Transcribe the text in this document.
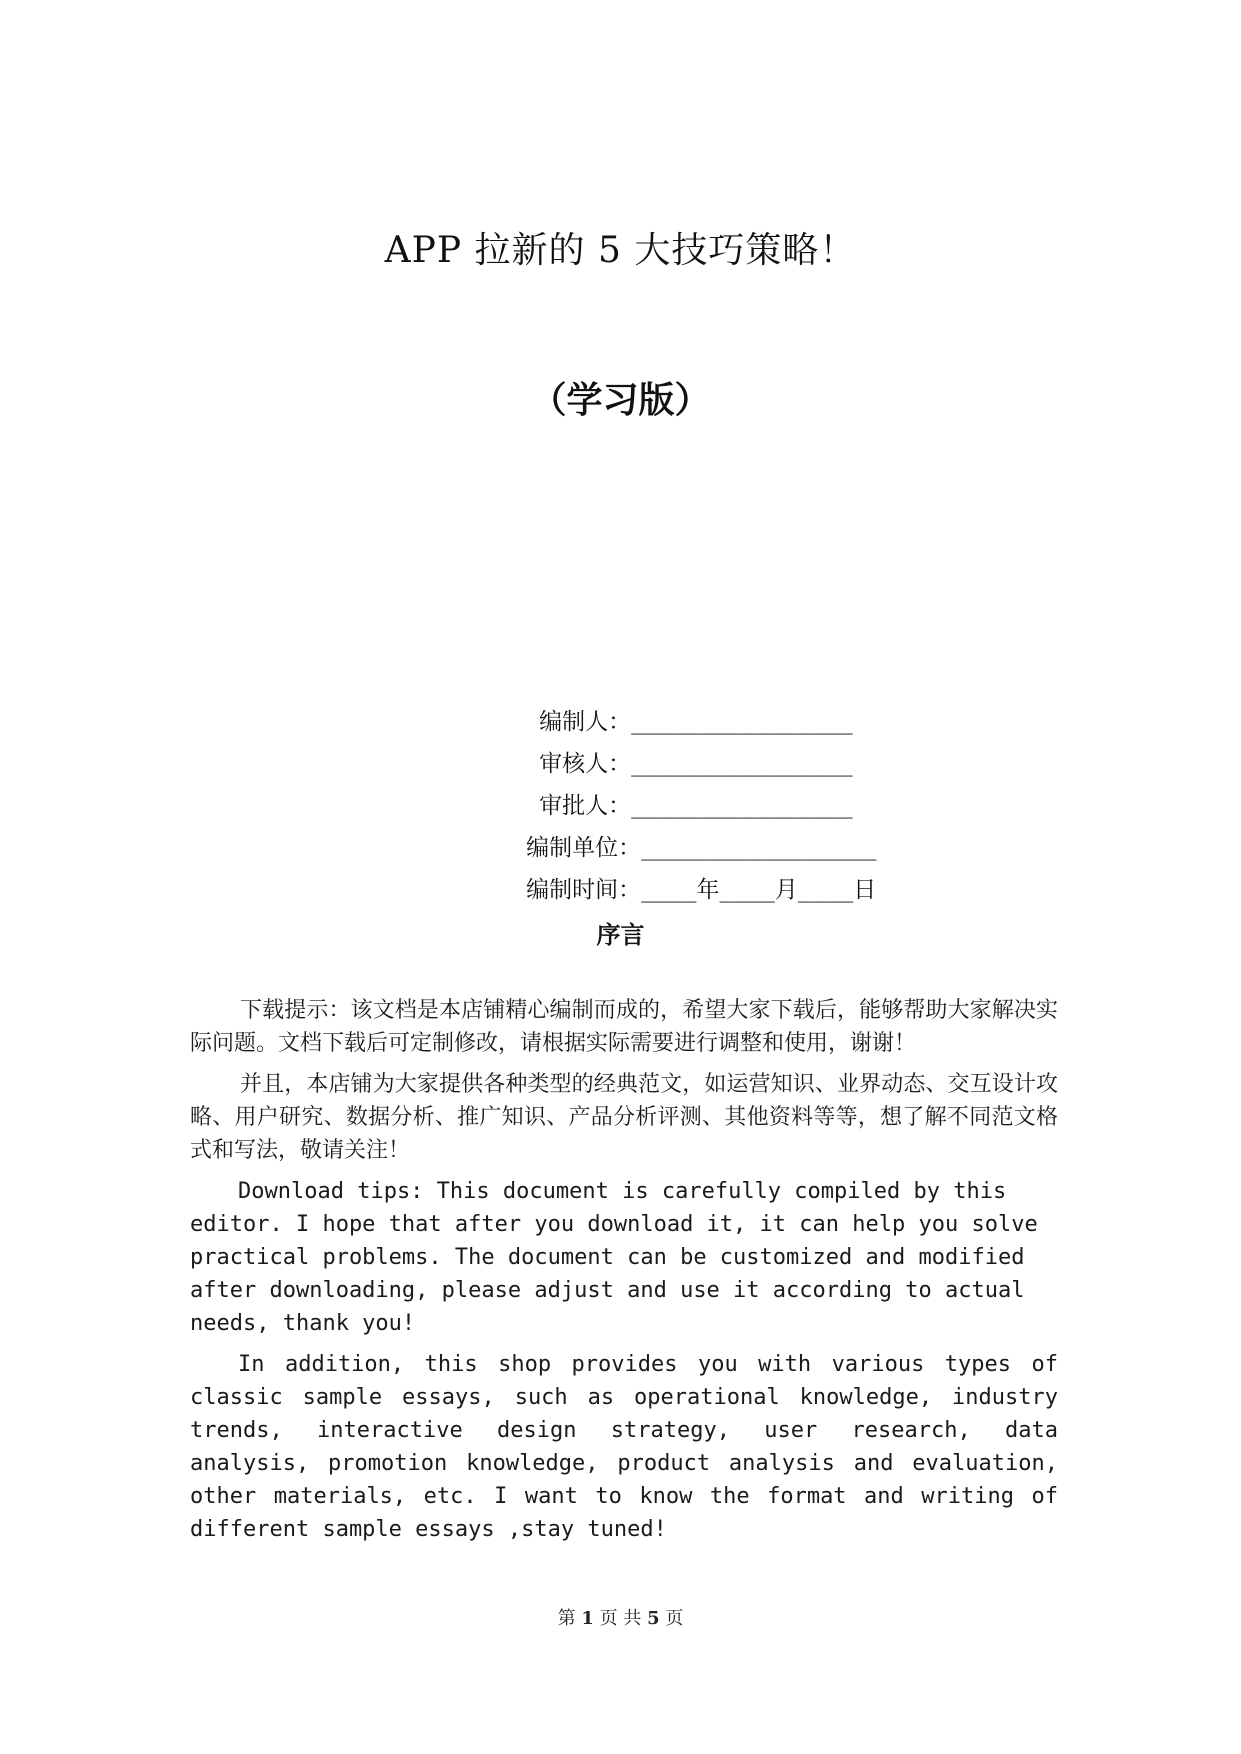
APP 拉新的 5 大技巧策略！
（学习版）

编制人：________________

审核人：________________

审批人：________________

编制单位：_________________

编制时间：____年____月____日

序言

下载提示：该文档是本店铺精心编制而成的，希望大家下载后，能够帮助大家解决实际问题。文档下载后可定制修改，请根据实际需要进行调整和使用，谢谢！

并且，本店铺为大家提供各种类型的经典范文，如运营知识、业界动态、交互设计攻略、用户研究、数据分析、推广知识、产品分析评测、其他资料等等，想了解不同范文格式和写法，敬请关注！

Download tips: This document is carefully compiled by this editor. I hope that after you download it, it can help you solve practical problems. The document can be customized and modified after downloading, please adjust and use it according to actual needs, thank you!

In addition, this shop provides you with various types of classic sample essays, such as operational knowledge, industry trends, interactive design strategy, user research, data analysis, promotion knowledge, product analysis and evaluation, other materials, etc. I want to know the format and writing of different sample essays ,stay tuned!

第 1 页 共 5 页
